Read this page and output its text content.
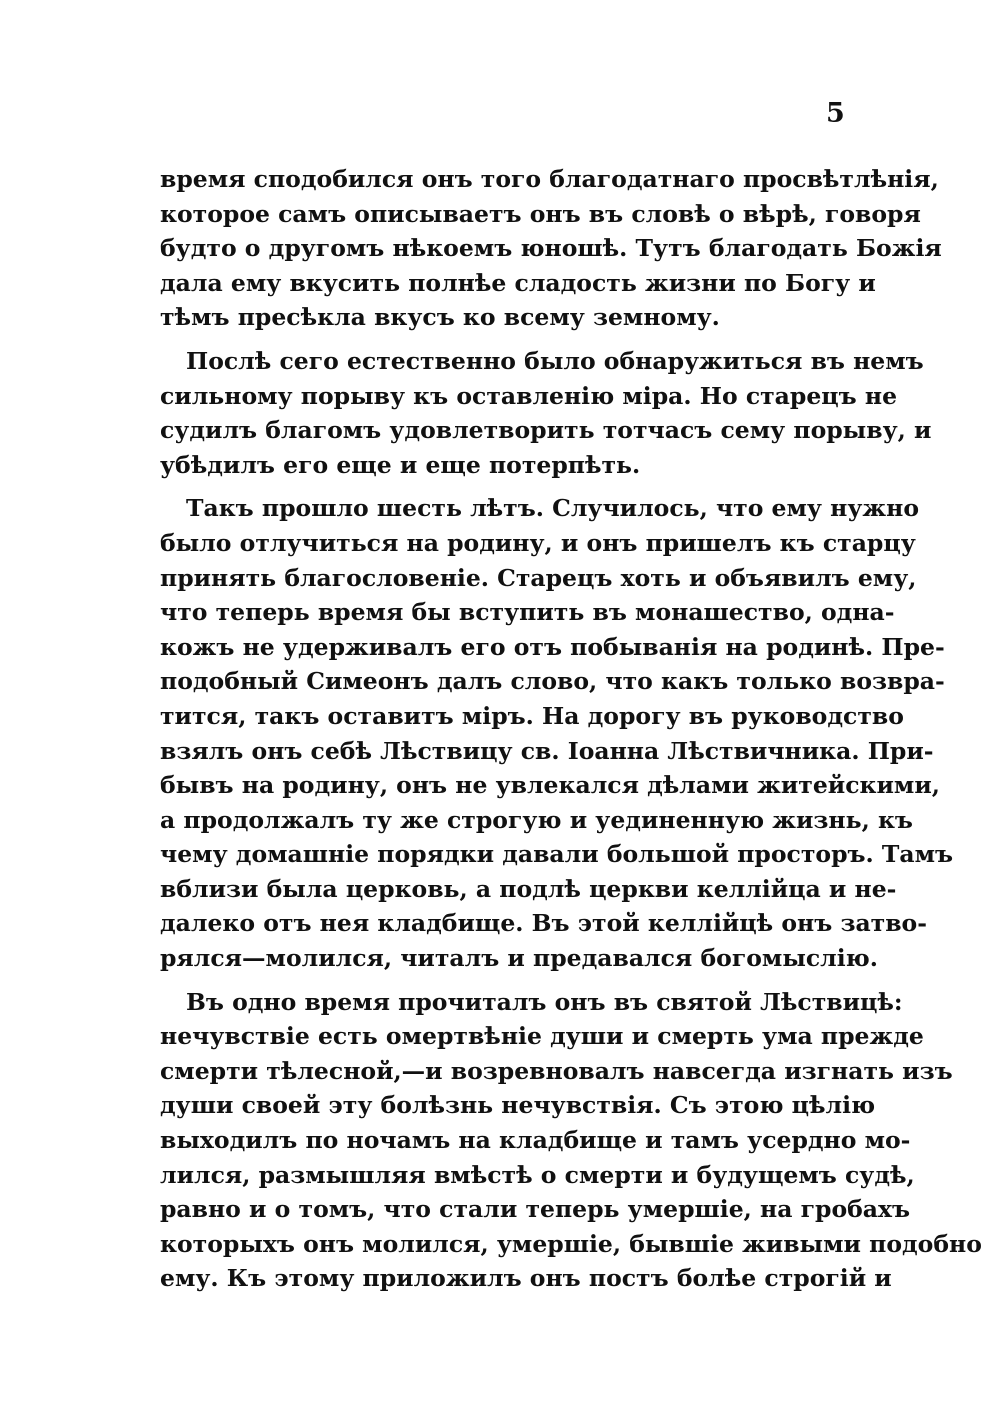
5
время сподобился онъ того благодатнаго просвѣтлѣнія,
которое самъ описываетъ онъ въ словѣ о вѣрѣ, говоря
будто о другомъ нѣкоемъ юношѣ. Тутъ благодать Божія
дала ему вкусить полнѣе сладость жизни по Богу и
тѣмъ пресѣкла вкусъ ко всему земному.
Послѣ сего естественно было обнаружиться въ немъ
сильному порыву къ оставленію міра. Но старецъ не
судилъ благомъ удовлетворить тотчасъ сему порыву, и
убѣдилъ его еще и еще потерпѣть.
Такъ прошло шесть лѣтъ. Случилось, что ему нужно
было отлучиться на родину, и онъ пришелъ къ старцу
принять благословеніе. Старецъ хоть и объявилъ ему,
что теперь время бы вступить въ монашество, одна-
кожъ не удерживалъ его отъ побыванія на родинѣ. Пре-
подобный Симеонъ далъ слово, что какъ только возвра-
тится, такъ оставитъ міръ. На дорогу въ руководство
взялъ онъ себѣ Лѣствицу св. Іоанна Лѣствичника. При-
бывъ на родину, онъ не увлекался дѣлами житейскими,
а продолжалъ ту же строгую и уединенную жизнь, къ
чему домашніе порядки давали большой просторъ. Тамъ
вблизи была церковь, а подлѣ церкви келлійца и не-
далеко отъ нея кладбище. Въ этой келлійцѣ онъ затво-
рялся—молился, читалъ и предавался богомыслію.
Въ одно время прочиталъ онъ въ святой Лѣствицѣ:
нечувствіе есть омертвѣніе души и смерть ума прежде
смерти тѣлесной,—и возревновалъ навсегда изгнать изъ
души своей эту болѣзнь нечувствія. Съ этою цѣлію
выходилъ по ночамъ на кладбище и тамъ усердно мо-
лился, размышляя вмѣстѣ о смерти и будущемъ судѣ,
равно и о томъ, что стали теперь умершіе, на гробахъ
которыхъ онъ молился, умершіе, бывшіе живыми подобно
ему. Къ этому приложилъ онъ постъ болѣе строгій и
